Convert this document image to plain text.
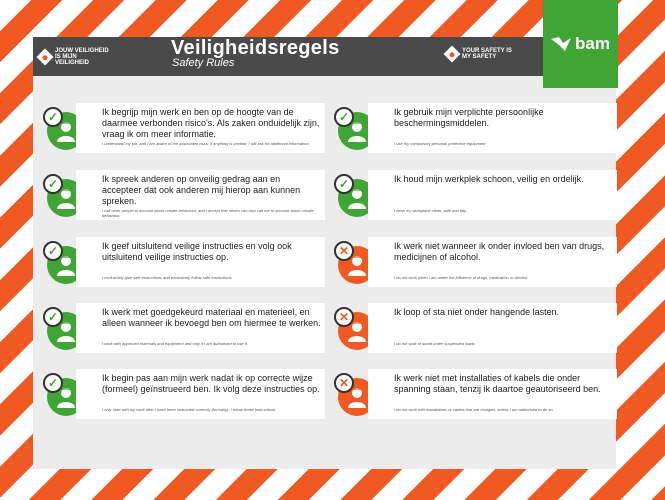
JOUW VEILIGHEID IS MIJN VEILIGHEID
Veiligheidsregels
Safety Rules
YOUR SAFETY IS MY SAFETY
bam
✓	Ik begrijp mijn werk en ben op de hoogte van de daarmee verbonden risico's. Als zaken onduidelijk zijn, vraag ik om meer informatie.
I understand my job, and I am aware of the associated risks. If anything is unclear, I will ask for additional information.
✓	Ik spreek anderen op onveilig gedrag aan en accepteer dat ook anderen mij hierop aan kunnen spreken.
I call other people to account about unsafe behaviour, and I accept that others can also call me to account about unsafe behaviour.
✓	Ik geef uitsluitend veilige instructies en volg ook uitsluitend veilige instructies op.
I exclusively give safe instructions and exclusively follow safe instructions.
✓	Ik werk met goedgekeurd materiaal en materieel, en alleen wanneer ik bevoegd ben om hiermee te werken.
I work with approved materials and equipment and only if I am authorised to use it.
✓	Ik begin pas aan mijn werk nadat ik op correcte wijze (formeel) geïnstrueerd ben. Ik volg deze instructies op.
I only start with my work after I have been instructed correctly (formally). I follow these instructions.
✓	Ik gebruik mijn verplichte persoonlijke beschermingsmiddelen.
I use my compulsory personal protective equipment.
✓	Ik houd mijn werkplek schoon, veilig en ordelijk.
I keep my workplace clean, safe and tidy.
✕	Ik werk niet wanneer ik onder invloed ben van drugs, medicijnen of alcohol.
I do not work when I am under the influence of drugs, medication or alcohol.
✕	Ik loop of sta niet onder hangende lasten.
I do not walk or stand under suspended loads.
✕	Ik werk niet met installaties of kabels die onder spanning staan, tenzij ik daartoe geautoriseerd ben.
I do not work with installations or cables that are charged, unless I am authorised to do so.
